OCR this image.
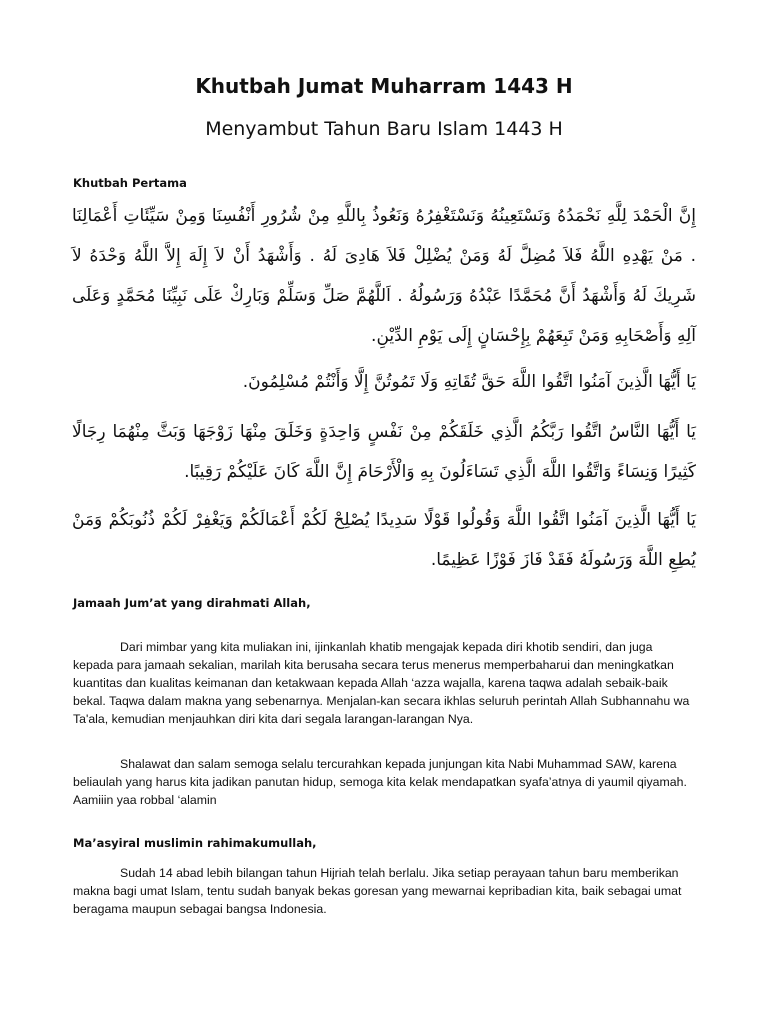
Khutbah Jumat Muharram 1443 H
Menyambut Tahun Baru Islam 1443 H

Khutbah Pertama

إِنَّ الْحَمْدَ لِلَّهِ نَحْمَدُهُ وَنَسْتَعِينُهُ وَنَسْتَغْفِرُهُ وَنَعُوذُ بِاللَّهِ مِنْ شُرُورِ أَنْفُسِنَا وَمِنْ سَيِّئَاتِ أَعْمَالِنَا . مَنْ يَهْدِهِ اللَّهُ فَلاَ مُضِلَّ لَهُ وَمَنْ يُضْلِلْ فَلاَ هَادِىَ لَهُ . وَأَشْهَدُ أَنْ لاَ إِلَهَ إِلاَّ اللَّهُ وَحْدَهُ لاَ شَرِيكَ لَهُ وَأَشْهَدُ أَنَّ مُحَمَّدًا عَبْدُهُ وَرَسُولُهُ . اَللَّهُمَّ صَلِّ وَسَلِّمْ وَبَارِكْ عَلَى نَبِيِّنَا مُحَمَّدٍ وَعَلَى آلِهِ وَأَصْحَابِهِ وَمَنْ تَبِعَهُمْ بِإِحْسَانٍ إِلَى يَوْمِ الدِّيْنِ.

يَا أَيُّهَا الَّذِينَ آمَنُوا اتَّقُوا اللَّهَ حَقَّ تُقَاتِهِ وَلَا تَمُوتُنَّ إِلَّا وَأَنْتُمْ مُسْلِمُونَ.

يَا أَيُّهَا النَّاسُ اتَّقُوا رَبَّكُمُ الَّذِي خَلَقَكُمْ مِنْ نَفْسٍ وَاحِدَةٍ وَخَلَقَ مِنْهَا زَوْجَهَا وَبَثَّ مِنْهُمَا رِجَالًا كَثِيرًا وَنِسَاءً وَاتَّقُوا اللَّهَ الَّذِي تَسَاءَلُونَ بِهِ وَالْأَرْحَامَ إِنَّ اللَّهَ كَانَ عَلَيْكُمْ رَقِيبًا.

يَا أَيُّهَا الَّذِينَ آمَنُوا اتَّقُوا اللَّهَ وَقُولُوا قَوْلًا سَدِيدًا يُصْلِحْ لَكُمْ أَعْمَالَكُمْ وَيَغْفِرْ لَكُمْ ذُنُوبَكُمْ وَمَنْ يُطِعِ اللَّهَ وَرَسُولَهُ فَقَدْ فَازَ فَوْزًا عَظِيمًا.

Jamaah Jum’at yang dirahmati Allah,

Dari mimbar yang kita muliakan ini, ijinkanlah khatib mengajak kepada diri khotib sendiri, dan juga kepada para jamaah sekalian, marilah kita berusaha secara terus menerus memperbaharui dan meningkatkan kuantitas dan kualitas keimanan dan ketakwaan kepada Allah ‘azza wajalla, karena taqwa adalah sebaik-baik bekal. Taqwa dalam makna yang sebenarnya. Menjalan-kan secara ikhlas seluruh perintah Allah Subhannahu wa Ta'ala, kemudian menjauhkan diri kita dari segala larangan-larangan Nya.

Shalawat dan salam semoga selalu tercurahkan kepada junjungan kita Nabi Muhammad SAW, karena beliaulah yang harus kita jadikan panutan hidup, semoga kita kelak mendapatkan syafa’atnya di yaumil qiyamah. Aamiiin yaa robbal ‘alamin

Ma’asyiral muslimin rahimakumullah,

Sudah 14 abad lebih bilangan tahun Hijriah telah berlalu. Jika setiap perayaan tahun baru memberikan makna bagi umat Islam, tentu sudah banyak bekas goresan yang mewarnai kepribadian kita, baik sebagai umat beragama maupun sebagai bangsa Indonesia.
